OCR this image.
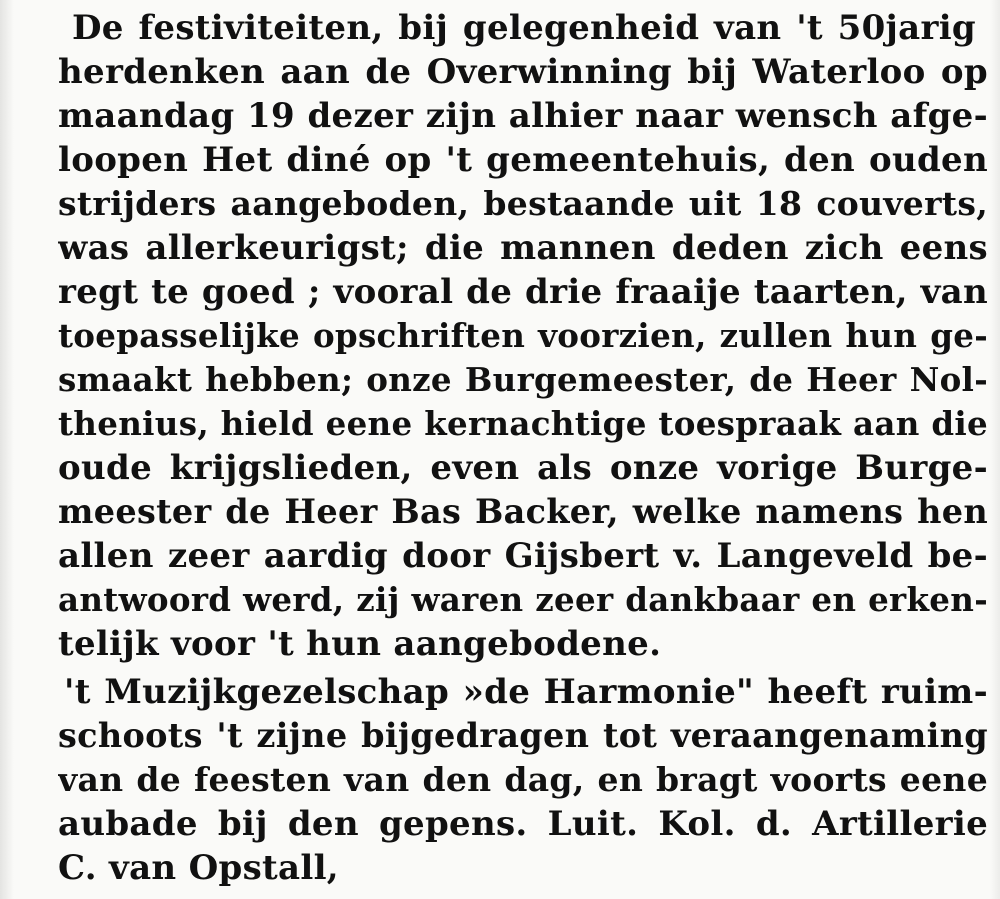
De festiviteiten, bij gelegenheid van 't 50jarig
herdenken aan de Overwinning bij Waterloo op
maandag 19 dezer zijn alhier naar wensch afge-
loopen Het diné op 't gemeentehuis, den ouden
strijders aangeboden, bestaande uit 18 couverts,
was allerkeurigst; die mannen deden zich eens
regt te goed ; vooral de drie fraaije taarten, van
toepasselijke opschriften voorzien, zullen hun ge-
smaakt hebben; onze Burgemeester, de Heer Nol-
thenius, hield eene kernachtige toespraak aan die
oude krijgslieden, even als onze vorige Burge-
meester de Heer Bas Backer, welke namens hen
allen zeer aardig door Gijsbert v. Langeveld be-
antwoord werd, zij waren zeer dankbaar en erken-
telijk voor 't hun aangebodene.
't Muzijkgezelschap »de Harmonie" heeft ruim-
schoots 't zijne bijgedragen tot veraangenaming
van de feesten van den dag, en bragt voorts eene
aubade bij den gepens. Luit. Kol. d. Artillerie
C. van Opstall,
